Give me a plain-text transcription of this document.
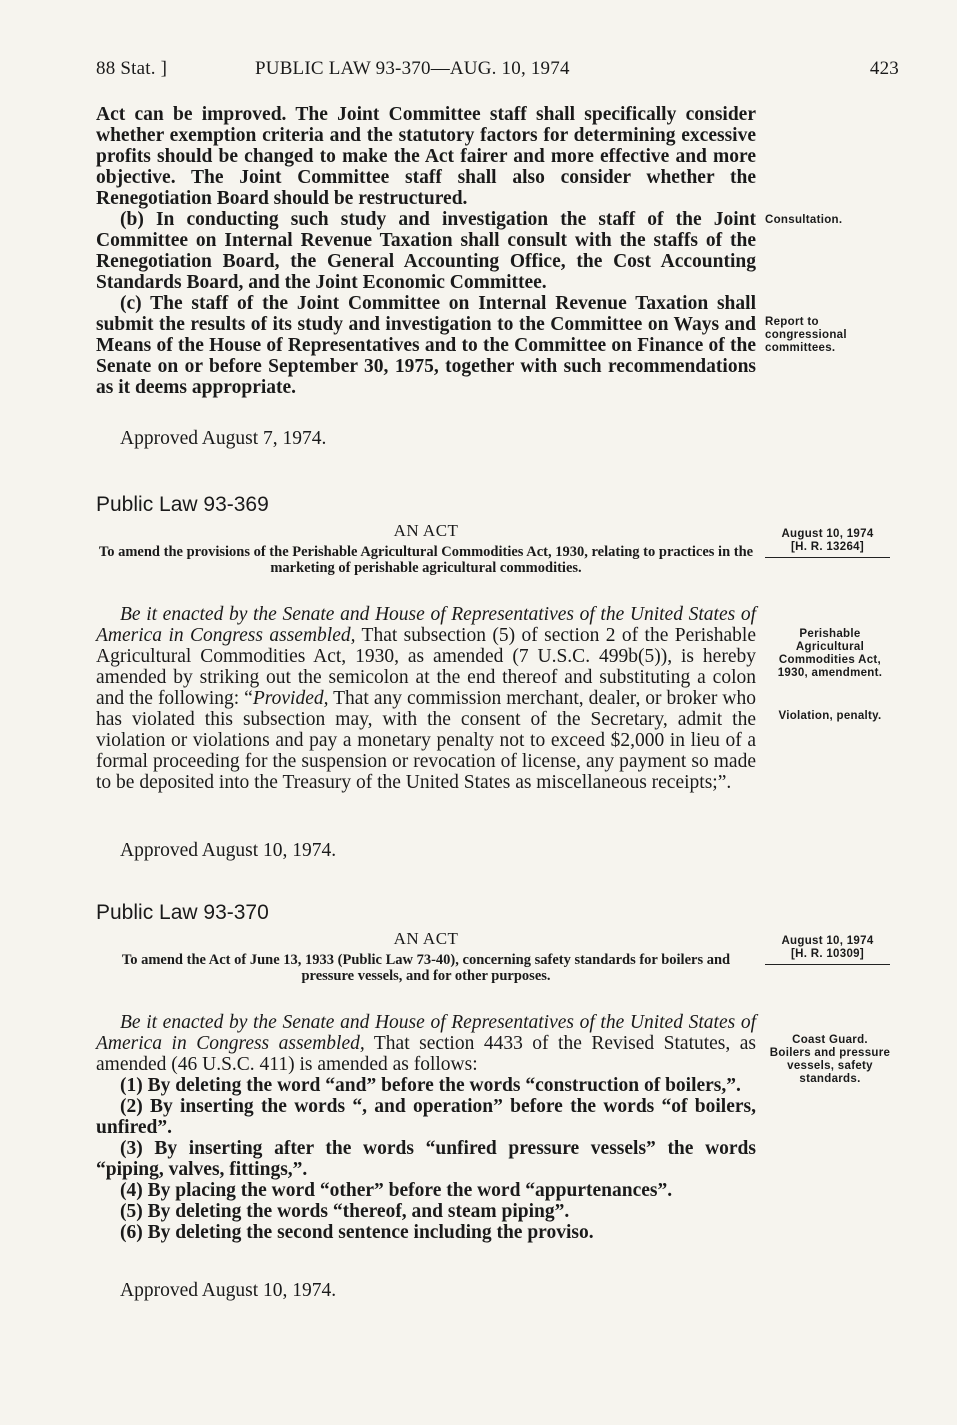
88 Stat. ]	PUBLIC LAW 93-370—AUG. 10, 1974	423

Act can be improved. The Joint Committee staff shall specifically consider whether exemption criteria and the statutory factors for determining excessive profits should be changed to make the Act fairer and more effective and more objective. The Joint Committee staff shall also consider whether the Renegotiation Board should be restructured.

(b) In conducting such study and investigation the staff of the Joint Committee on Internal Revenue Taxation shall consult with the staffs of the Renegotiation Board, the General Accounting Office, the Cost Accounting Standards Board, and the Joint Economic Committee.

(c) The staff of the Joint Committee on Internal Revenue Taxation shall submit the results of its study and investigation to the Committee on Ways and Means of the House of Representatives and to the Committee on Finance of the Senate on or before September 30, 1975, together with such recommendations as it deems appropriate.

Approved August 7, 1974.
Consultation.
Report to congressional committees.
Public Law 93-369
AN ACT
To amend the provisions of the Perishable Agricultural Commodities Act, 1930, relating to practices in the marketing of perishable agricultural commodities.
August 10, 1974
[H. R. 13264]

Be it enacted by the Senate and House of Representatives of the United States of America in Congress assembled, That subsection (5) of section 2 of the Perishable Agricultural Commodities Act, 1930, as amended (7 U.S.C. 499b(5)), is hereby amended by striking out the semicolon at the end thereof and substituting a colon and the following: “Provided, That any commission merchant, dealer, or broker who has violated this subsection may, with the consent of the Secretary, admit the violation or violations and pay a monetary penalty not to exceed $2,000 in lieu of a formal proceeding for the suspension or revocation of license, any payment so made to be deposited into the Treasury of the United States as miscellaneous receipts;”.

Approved August 10, 1974.
Perishable Agricultural Commodities Act, 1930, amendment.
Violation, penalty.
Public Law 93-370
AN ACT
To amend the Act of June 13, 1933 (Public Law 73-40), concerning safety standards for boilers and pressure vessels, and for other purposes.
August 10, 1974
[H. R. 10309]

Be it enacted by the Senate and House of Representatives of the United States of America in Congress assembled, That section 4433 of the Revised Statutes, as amended (46 U.S.C. 411) is amended as follows:

(1) By deleting the word “and” before the words “construction of boilers,”.

(2) By inserting the words “, and operation” before the words “of boilers, unfired”.

(3) By inserting after the words “unfired pressure vessels” the words “piping, valves, fittings,”.

(4) By placing the word “other” before the word “appurtenances”.

(5) By deleting the words “thereof, and steam piping”.

(6) By deleting the second sentence including the proviso.

Approved August 10, 1974.
Coast Guard.
Boilers and pressure vessels, safety standards.
